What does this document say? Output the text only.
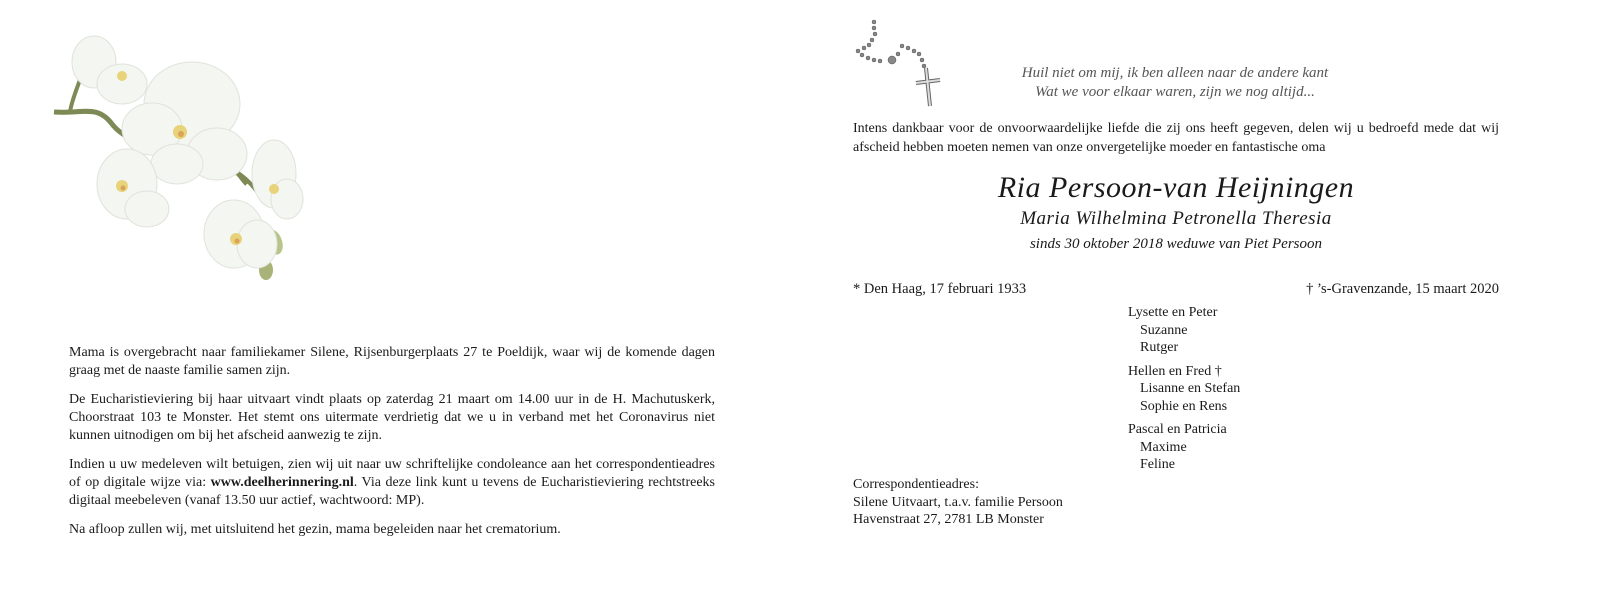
Mama is overgebracht naar familiekamer Silene, Rijsenburgerplaats 27 te Poeldijk, waar wij de komende dagen graag met de naaste familie samen zijn.
De Eucharistieviering bij haar uitvaart vindt plaats op zaterdag 21 maart om 14.00 uur in de H. Machutuskerk, Choorstraat 103 te Monster. Het stemt ons uitermate verdrietig dat we u in verband met het Coronavirus niet kunnen uitnodigen om bij het afscheid aanwezig te zijn.
Indien u uw medeleven wilt betuigen, zien wij uit naar uw schriftelijke condoleance aan het correspondentieadres of op digitale wijze via: www.deelherinnering.nl. Via deze link kunt u tevens de Eucharistieviering rechtstreeks digitaal meebeleven (vanaf 13.50 uur actief, wachtwoord: MP).
Na afloop zullen wij, met uitsluitend het gezin, mama begeleiden naar het crematorium.
Huil niet om mij, ik ben alleen naar de andere kant
Wat we voor elkaar waren, zijn we nog altijd...
Intens dankbaar voor de onvoorwaardelijke liefde die zij ons heeft gegeven, delen wij u bedroefd mede dat wij afscheid hebben moeten nemen van onze onvergetelijke moeder en fantastische oma
Ria Persoon-van Heijningen
Maria Wilhelmina Petronella Theresia
sinds 30 oktober 2018 weduwe van Piet Persoon
* Den Haag, 17 februari 1933	† ’s-Gravenzande, 15 maart 2020
Lysette en Peter
Suzanne
Rutger
Hellen en Fred †
Lisanne en Stefan
Sophie en Rens
Pascal en Patricia
Maxime
Feline
Correspondentieadres:
Silene Uitvaart, t.a.v. familie Persoon
Havenstraat 27, 2781 LB Monster
